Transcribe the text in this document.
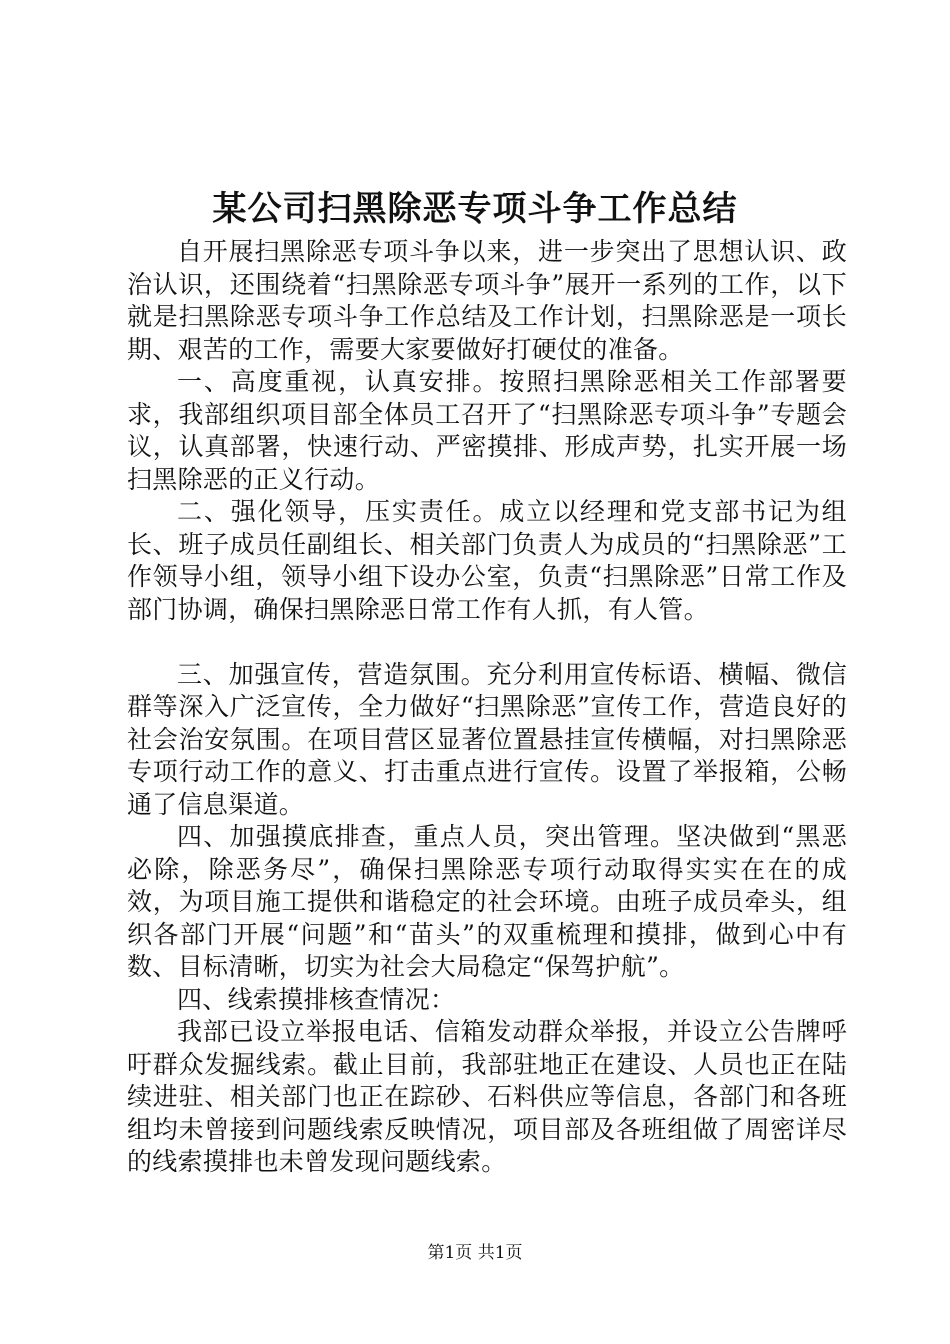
某公司扫黑除恶专项斗争工作总结

自开展扫黑除恶专项斗争以来，进一步突出了思想认识、政治认识，还围绕着“扫黑除恶专项斗争”展开一系列的工作，以下就是扫黑除恶专项斗争工作总结及工作计划，扫黑除恶是一项长期、艰苦的工作，需要大家要做好打硬仗的准备。

一、高度重视，认真安排。按照扫黑除恶相关工作部署要求，我部组织项目部全体员工召开了“扫黑除恶专项斗争”专题会议，认真部署，快速行动、严密摸排、形成声势，扎实开展一场扫黑除恶的正义行动。

二、强化领导，压实责任。成立以经理和党支部书记为组长、班子成员任副组长、相关部门负责人为成员的“扫黑除恶”工作领导小组，领导小组下设办公室，负责“扫黑除恶”日常工作及部门协调，确保扫黑除恶日常工作有人抓，有人管。

三、加强宣传，营造氛围。充分利用宣传标语、横幅、微信群等深入广泛宣传，全力做好“扫黑除恶”宣传工作，营造良好的社会治安氛围。在项目营区显著位置悬挂宣传横幅，对扫黑除恶专项行动工作的意义、打击重点进行宣传。设置了举报箱，公畅通了信息渠道。

四、加强摸底排查，重点人员，突出管理。坚决做到“黑恶必除，除恶务尽”，确保扫黑除恶专项行动取得实实在在的成效，为项目施工提供和谐稳定的社会环境。由班子成员牵头，组织各部门开展“问题”和“苗头”的双重梳理和摸排，做到心中有数、目标清晰，切实为社会大局稳定“保驾护航”。

四、线索摸排核查情况：

我部已设立举报电话、信箱发动群众举报，并设立公告牌呼吁群众发掘线索。截止目前，我部驻地正在建设、人员也正在陆续进驻、相关部门也正在踪砂、石料供应等信息，各部门和各班组均未曾接到问题线索反映情况，项目部及各班组做了周密详尽的线索摸排也未曾发现问题线索。

第1页 共1页
